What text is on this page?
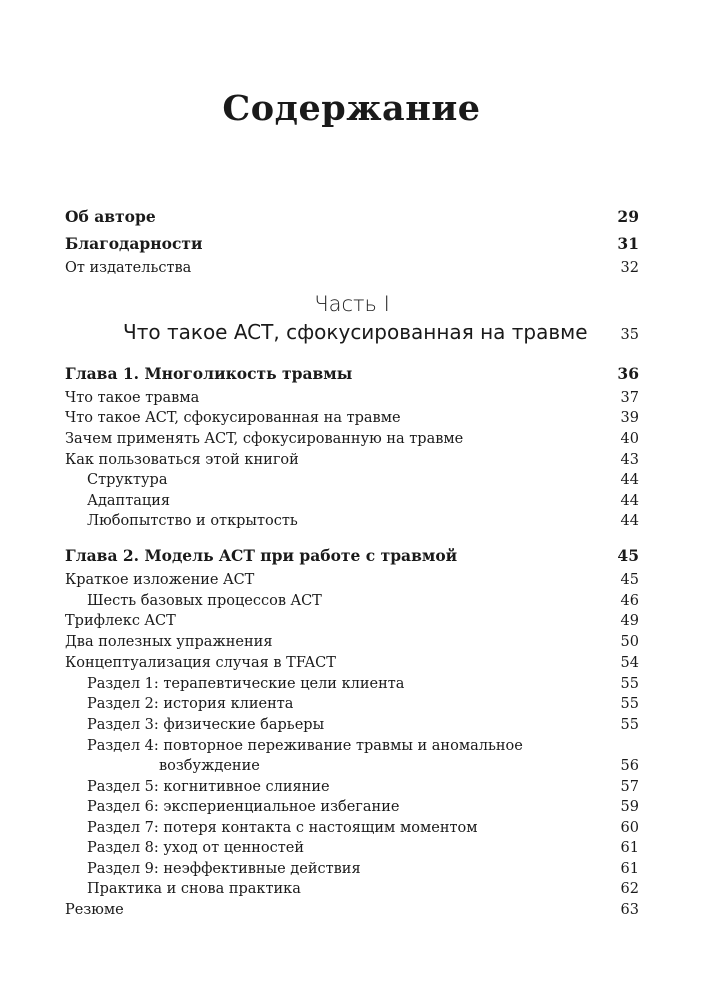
Содержание
Об авторе	29
Благодарности	31
От издательства	32
Часть I
Что такое ACT, сфокусированная на травме 35
Глава 1. Многоликость травмы	36
Что такое травма	37
Что такое ACT, сфокусированная на травме	39
Зачем применять ACT, сфокусированную на травме	40
Как пользоваться этой книгой	43
Структура	44
Адаптация	44
Любопытство и открытость	44
Глава 2. Модель ACT при работе с травмой	45
Краткое изложение ACT	45
Шесть базовых процессов ACT	46
Трифлекс ACT	49
Два полезных упражнения	50
Концептуализация случая в TFACT	54
Раздел 1: терапевтические цели клиента	55
Раздел 2: история клиента	55
Раздел 3: физические барьеры	55
Раздел 4: повторное переживание травмы и аномальное
возбуждение	56
Раздел 5: когнитивное слияние	57
Раздел 6: экспериенциальное избегание	59
Раздел 7: потеря контакта с настоящим моментом	60
Раздел 8: уход от ценностей	61
Раздел 9: неэффективные действия	61
Практика и снова практика	62
Резюме	63
